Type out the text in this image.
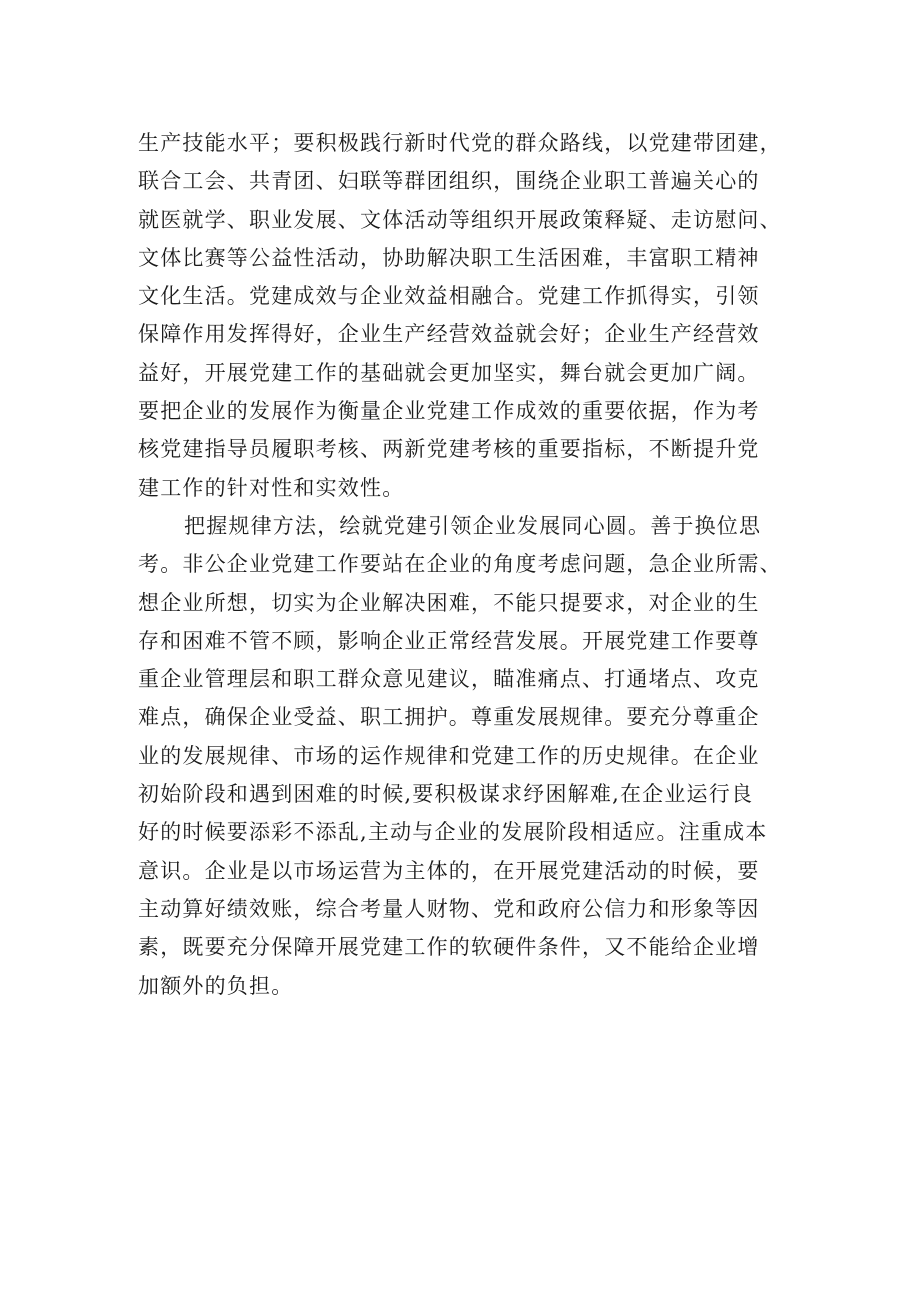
生产技能水平；要积极践行新时代党的群众路线，以党建带团建，
联合工会、共青团、妇联等群团组织，围绕企业职工普遍关心的
就医就学、职业发展、文体活动等组织开展政策释疑、走访慰问、
文体比赛等公益性活动，协助解决职工生活困难，丰富职工精神
文化生活。党建成效与企业效益相融合。党建工作抓得实，引领
保障作用发挥得好，企业生产经营效益就会好；企业生产经营效
益好，开展党建工作的基础就会更加坚实，舞台就会更加广阔。
要把企业的发展作为衡量企业党建工作成效的重要依据，作为考
核党建指导员履职考核、两新党建考核的重要指标，不断提升党
建工作的针对性和实效性。

把握规律方法，绘就党建引领企业发展同心圆。善于换位思
考。非公企业党建工作要站在企业的角度考虑问题，急企业所需、
想企业所想，切实为企业解决困难，不能只提要求，对企业的生
存和困难不管不顾，影响企业正常经营发展。开展党建工作要尊
重企业管理层和职工群众意见建议，瞄准痛点、打通堵点、攻克
难点，确保企业受益、职工拥护。尊重发展规律。要充分尊重企
业的发展规律、市场的运作规律和党建工作的历史规律。在企业
初始阶段和遇到困难的时候,要积极谋求纾困解难,在企业运行良
好的时候要添彩不添乱,主动与企业的发展阶段相适应。注重成本
意识。企业是以市场运营为主体的，在开展党建活动的时候，要
主动算好绩效账，综合考量人财物、党和政府公信力和形象等因
素，既要充分保障开展党建工作的软硬件条件，又不能给企业增
加额外的负担。
